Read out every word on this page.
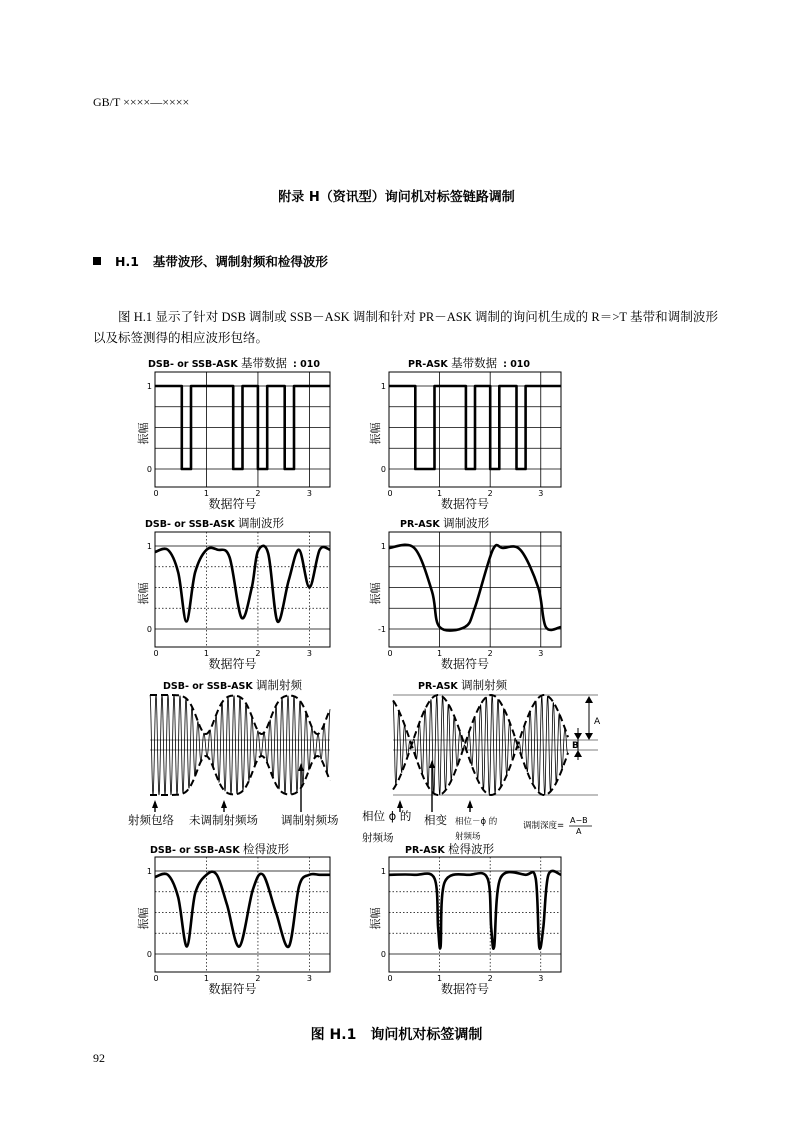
GB/T ××××—××××
附录 H（资讯型）询问机对标签链路调制
H.1 基带波形、调制射频和检得波形
图 H.1 显示了针对 DSB 调制或 SSB－ASK 调制和针对 PR－ASK 调制的询问机生成的 R＝>T 基带和调制波形以及标签测得的相应波形包络。
DSB- or SSB-ASK 基带数据 : 010
1
0
0	1	2	3
数据符号
振幅
PR-ASK 基带数据 : 010
1
0
0	1	2	3
数据符号
振幅
DSB- or SSB-ASK 调制波形
1
0
0	1	2	3
数据符号
振幅
PR-ASK 调制波形
1
-1
0	1	2	3
数据符号
振幅
DSB- or SSB-ASK 检得波形
1
0
0	1	2	3
数据符号
振幅
PR-ASK 检得波形
1
0
0	1	2	3
数据符号
振幅
DSB- or SSB-ASK 调制射频	PR-ASK 调制射频
A
B
射频包络 未调制射频场 调制射频场 相位 ϕ 的
射频场
相变 相位－ϕ 的
射频场
调制深度=
A−B
A
图 H.1　询问机对标签调制
92
